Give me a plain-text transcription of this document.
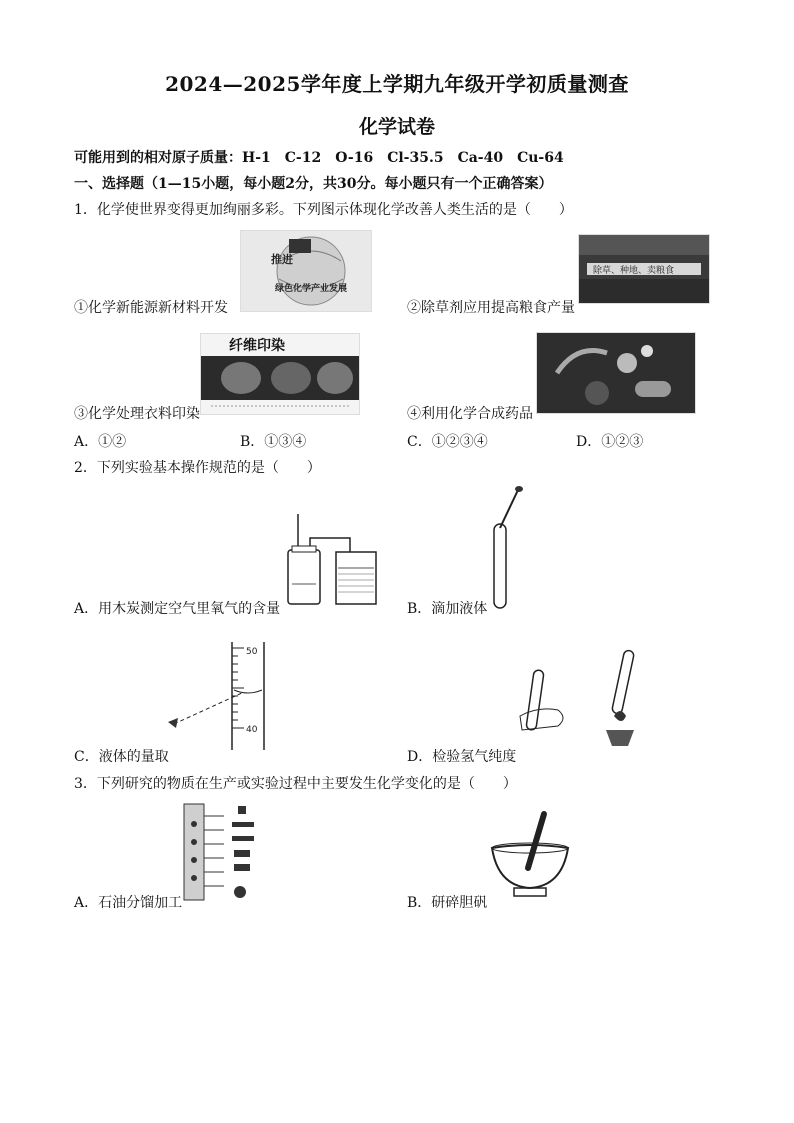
2024—2025学年度上学期九年级开学初质量测查
化学试卷
可能用到的相对原子质量：H-1　C-12　O-16　Cl-35.5　Ca-40　Cu-64
一、选择题（1—15小题，每小题2分，共30分。每小题只有一个正确答案）
1．化学使世界变得更加绚丽多彩。下列图示体现化学改善人类生活的是（　　）
推进
绿色化学产业发展
①化学新能源新材料开发
除草、种地、卖粮食
②除草剂应用提高粮食产量
纤维印染
③化学处理衣料印染	④利用化学合成药品
A．①②	B．①③④	C．①②③④	D．①②③
2．下列实验基本操作规范的是（　　）
A．用木炭测定空气里氧气的含量	B．滴加液体
50
40
C．液体的量取	D．检验氢气纯度
3．下列研究的物质在生产或实验过程中主要发生化学变化的是（　　）
A．石油分馏加工	B．研碎胆矾
